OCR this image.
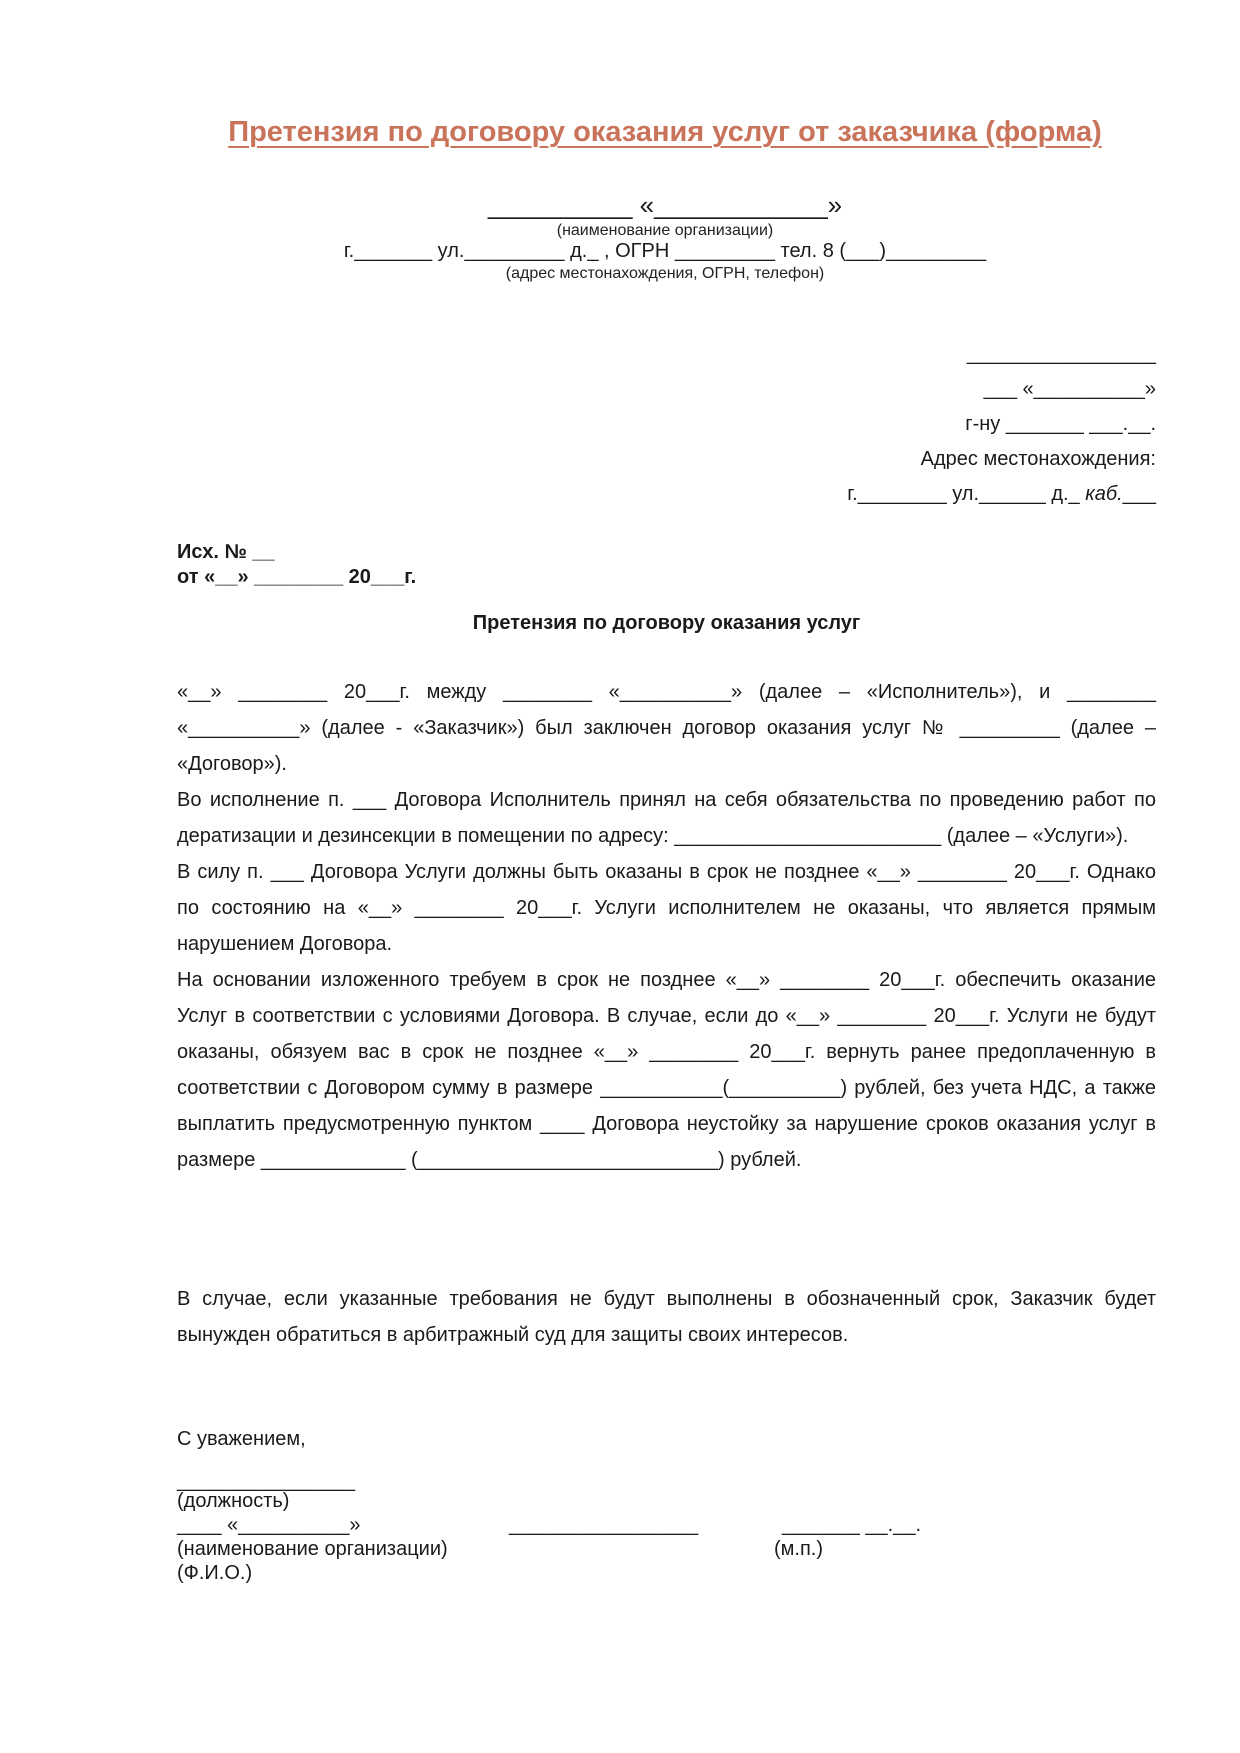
Претензия по договору оказания услуг от заказчика (форма)
__________ «____________»
(наименование организации)
г._______ ул._________ д._ , ОГРН _________ тел. 8 (___)_________
(адрес местонахождения, ОГРН, телефон)
_________________
___ «__________»
г-ну _______ ___.__.
Адрес местонахождения:
г.________ ул.______ д._ каб.___
Исх. № __
от «__» ________ 20___г.
Претензия по договору оказания услуг
«__» ________ 20___г. между ________ «__________» (далее – «Исполнитель»), и ________ «__________» (далее - «Заказчик») был заключен договор оказания услуг № _________ (далее – «Договор»).
Во исполнение п. ___ Договора Исполнитель принял на себя обязательства по проведению работ по дератизации и дезинсекции в помещении по адресу: ________________________ (далее – «Услуги»).
В силу п. ___ Договора Услуги должны быть оказаны в срок не позднее «__» ________ 20___г. Однако по состоянию на «__» ________ 20___г. Услуги исполнителем не оказаны, что является прямым нарушением Договора.
На основании изложенного требуем в срок не позднее «__» ________ 20___г. обеспечить оказание Услуг в соответствии с условиями Договора. В случае, если до «__» ________ 20___г. Услуги не будут оказаны, обязуем вас в срок не позднее «__» ________ 20___г. вернуть ранее предоплаченную в соответствии с Договором сумму в размере ___________(__________) рублей, без учета НДС, а также выплатить предусмотренную пунктом ____ Договора неустойку за нарушение сроков оказания услуг в размере _____________ (___________________________) рублей.
В случае, если указанные требования не будут выполнены в обозначенный срок, Заказчик будет вынужден обратиться в арбитражный суд для защиты своих интересов.
С уважением,
________________
(должность)
____ «__________»	_________________	_______ __.__.
(наименование организации)	(м.п.)
(Ф.И.О.)
